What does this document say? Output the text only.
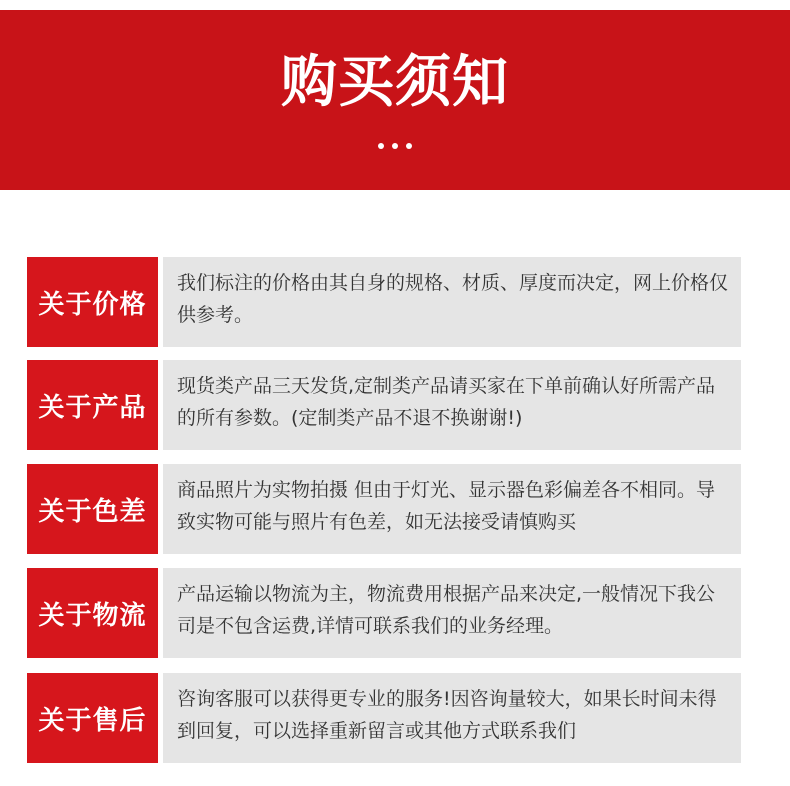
购买须知
关于价格
我们标注的价格由其自身的规格、材质、厚度而决定，网上价格仅供参考。
关于产品
现货类产品三天发货,定制类产品请买家在下单前确认好所需产品的所有参数。(定制类产品不退不换谢谢!)
关于色差
商品照片为实物拍摄 但由于灯光、显示器色彩偏差各不相同。导致实物可能与照片有色差，如无法接受请慎购买
关于物流
产品运输以物流为主，物流费用根据产品来决定,一般情况下我公司是不包含运费,详情可联系我们的业务经理。
关于售后
咨询客服可以获得更专业的服务!因咨询量较大，如果长时间未得到回复，可以选择重新留言或其他方式联系我们
